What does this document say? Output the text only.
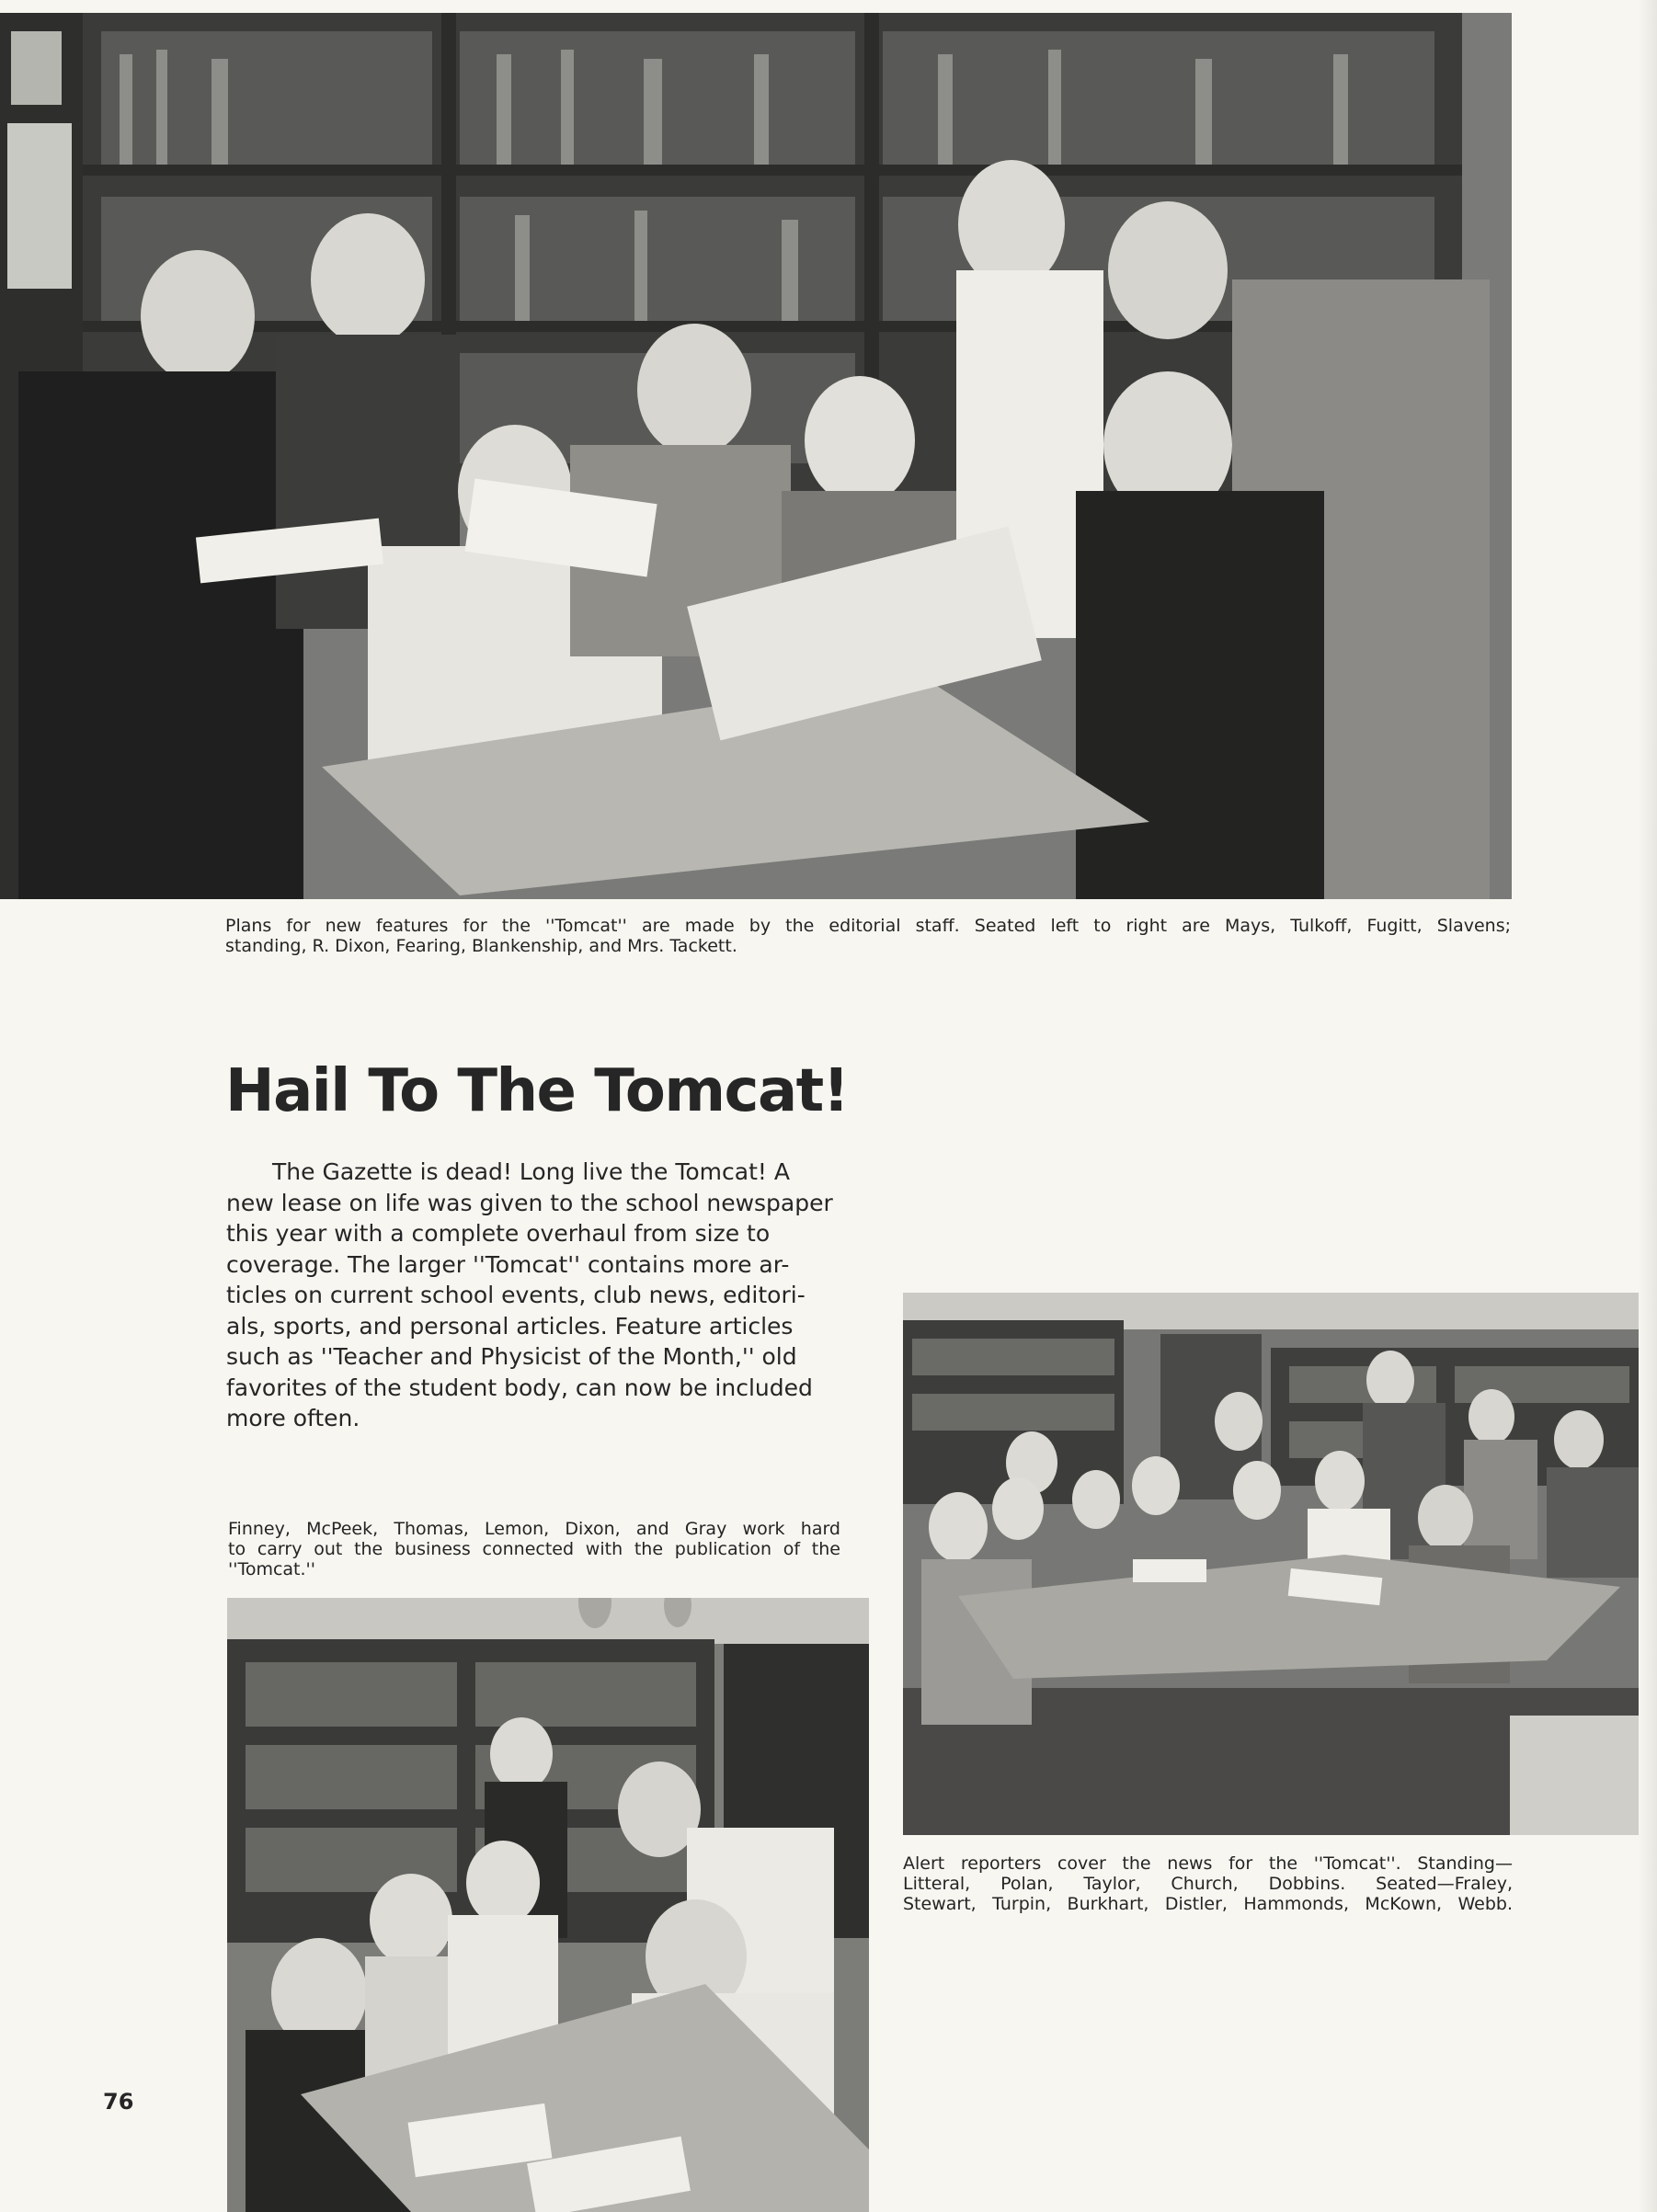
Plans for new features for the ''Tomcat'' are made by the editorial staff. Seated left to right are Mays, Tulkoff, Fugitt, Slavens;
standing, R. Dixon, Fearing, Blankenship, and Mrs. Tackett.
Hail To The Tomcat!
The Gazette is dead! Long live the Tomcat! A
new lease on life was given to the school newspaper
this year with a complete overhaul from size to
coverage. The larger ''Tomcat'' contains more ar-
ticles on current school events, club news, editori-
als, sports, and personal articles. Feature articles
such as ''Teacher and Physicist of the Month,'' old
favorites of the student body, can now be included
more often.
Finney, McPeek, Thomas, Lemon, Dixon, and Gray work hard
to carry out the business connected with the publication of the
''Tomcat.''
Alert reporters cover the news for the ''Tomcat''. Standing—
Litteral, Polan, Taylor, Church, Dobbins. Seated—Fraley,
Stewart, Turpin, Burkhart, Distler, Hammonds, McKown, Webb.
76
